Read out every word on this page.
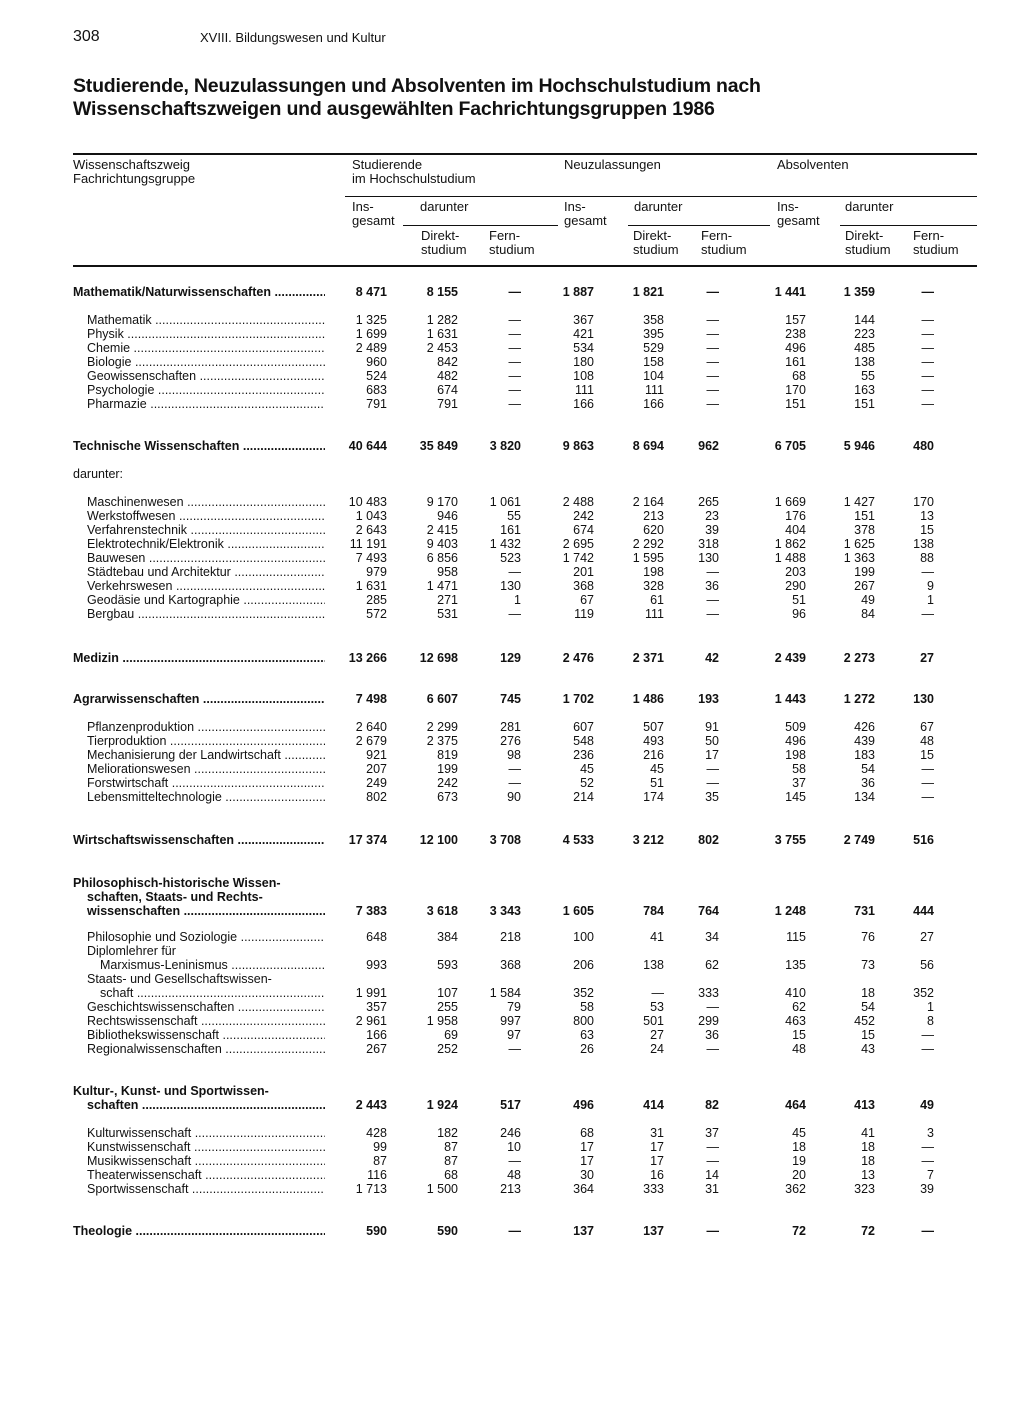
308	XVIII. Bildungswesen und Kultur
Studierende, Neuzulassungen und Absolventen im Hochschulstudium nach
Wissenschaftszweigen und ausgewählten Fachrichtungsgruppen 1986
Wissenschaftszweig
Fachrichtungsgruppe
Studierende
im Hochschulstudium
Neuzulassungen	Absolventen
Ins-
gesamt
darunter
Direkt-
studium
Fern-
studium
Ins-
gesamt
darunter
Direkt-
studium
Fern-
studium
Ins-
gesamt
darunter
Direkt-
studium
Fern-
studium
Mathematik/Naturwissenschaften .....	8 471	8 155	—	1 887	1 821	—	1 441	1 359	—
Mathematik .....	1 325	1 282	—	367	358	—	157	144	—
Physik .....	1 699	1 631	—	421	395	—	238	223	—
Chemie .....	2 489	2 453	—	534	529	—	496	485	—
Biologie .....	960	842	—	180	158	—	161	138	—
Geowissenschaften .....	524	482	—	108	104	—	68	55	—
Psychologie .....	683	674	—	111	111	—	170	163	—
Pharmazie .....	791	791	—	166	166	—	151	151	—
Technische Wissenschaften .....	40 644	35 849	3 820	9 863	8 694	962	6 705	5 946	480
darunter:
Maschinenwesen .....	10 483	9 170	1 061	2 488	2 164	265	1 669	1 427	170
Werkstoffwesen .....	1 043	946	55	242	213	23	176	151	13
Verfahrenstechnik .....	2 643	2 415	161	674	620	39	404	378	15
Elektrotechnik/Elektronik .....	11 191	9 403	1 432	2 695	2 292	318	1 862	1 625	138
Bauwesen .....	7 493	6 856	523	1 742	1 595	130	1 488	1 363	88
Städtebau und Architektur .....	979	958	—	201	198	—	203	199	—
Verkehrswesen .....	1 631	1 471	130	368	328	36	290	267	9
Geodäsie und Kartographie .....	285	271	1	67	61	—	51	49	1
Bergbau .....	572	531	—	119	111	—	96	84	—
Medizin .....	13 266	12 698	129	2 476	2 371	42	2 439	2 273	27
Agrarwissenschaften .....	7 498	6 607	745	1 702	1 486	193	1 443	1 272	130
Pflanzenproduktion .....	2 640	2 299	281	607	507	91	509	426	67
Tierproduktion .....	2 679	2 375	276	548	493	50	496	439	48
Mechanisierung der Landwirtschaft .....	921	819	98	236	216	17	198	183	15
Meliorationswesen .....	207	199	—	45	45	—	58	54	—
Forstwirtschaft .....	249	242	—	52	51	—	37	36	—
Lebensmitteltechnologie .....	802	673	90	214	174	35	145	134	—
Wirtschaftswissenschaften .....	17 374	12 100	3 708	4 533	3 212	802	3 755	2 749	516
Philosophisch-historische Wissen-
schaften, Staats- und Rechts-
wissenschaften .....	7 383	3 618	3 343	1 605	784	764	1 248	731	444
Philosophie und Soziologie .....	648	384	218	100	41	34	115	76	27
Diplomlehrer für
Marxismus-Leninismus .....	993	593	368	206	138	62	135	73	56
Staats- und Gesellschaftswissen-
schaft .....	1 991	107	1 584	352	—	333	410	18	352
Geschichtswissenschaften .....	357	255	79	58	53	—	62	54	1
Rechtswissenschaft .....	2 961	1 958	997	800	501	299	463	452	8
Bibliothekswissenschaft .....	166	69	97	63	27	36	15	15	—
Regionalwissenschaften .....	267	252	—	26	24	—	48	43	—
Kultur-, Kunst- und Sportwissen-
schaften .....	2 443	1 924	517	496	414	82	464	413	49
Kulturwissenschaft .....	428	182	246	68	31	37	45	41	3
Kunstwissenschaft .....	99	87	10	17	17	—	18	18	—
Musikwissenschaft .....	87	87	—	17	17	—	19	18	—
Theaterwissenschaft .....	116	68	48	30	16	14	20	13	7
Sportwissenschaft .....	1 713	1 500	213	364	333	31	362	323	39
Theologie .....	590	590	—	137	137	—	72	72	—
